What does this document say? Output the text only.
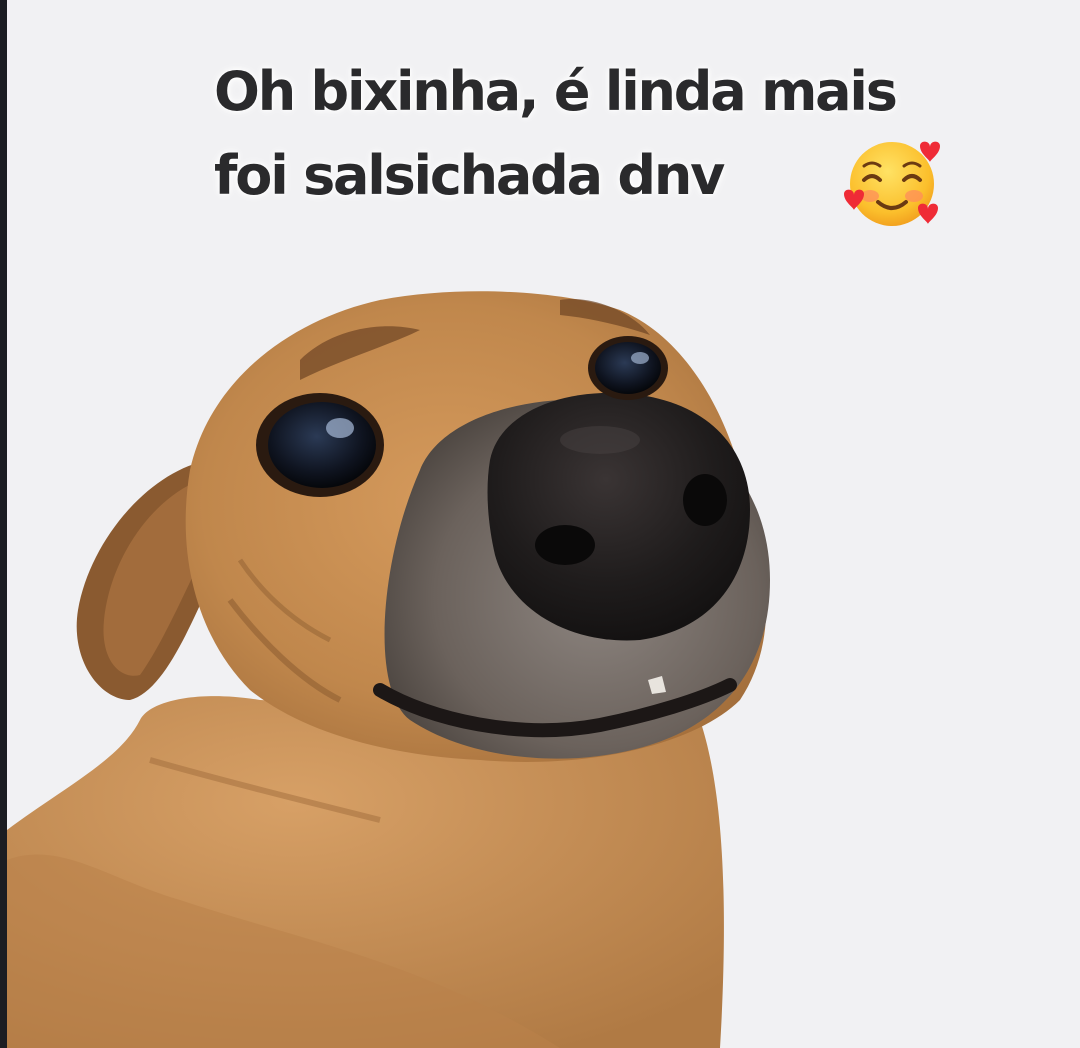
Oh bixinha, é linda mais
foi salsichada dnv
